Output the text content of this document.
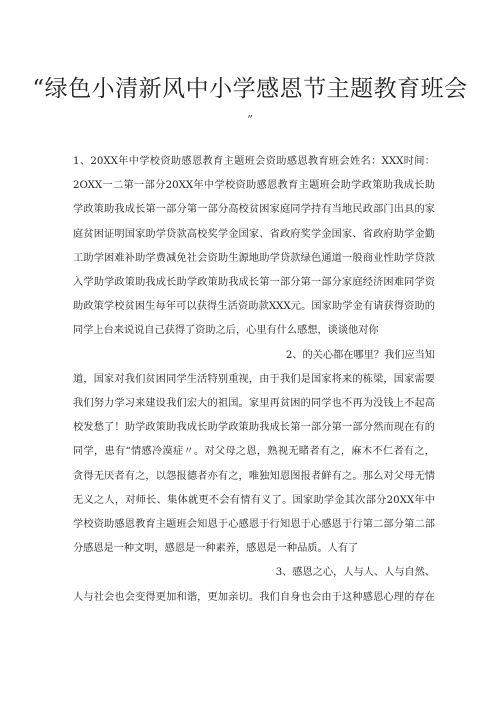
“绿色小清新风中小学感恩节主题教育班会
”
1、20XX年中学校资助感恩教育主题班会资助感恩教育班会姓名：XXX时间：
2OXX一二第一部分20XX年中学校资助感恩教育主题班会助学政策助我成长助
学政策助我成长第一部分第一部分高校贫困家庭同学持有当地民政部门出具的家
庭贫困证明国家助学贷款高校奖学金国家、省政府奖学金国家、省政府助学金勤
工助学困难补助学费减免社会资助生源地助学贷款绿色通道一般商业性助学贷款
入学助学政策助我成长助学政策助我成长第一部分第一部分家庭经济困难同学资
助政策学校贫困生每年可以获得生活资助款XXX元。国家助学金有请获得资助的
同学上台来说说自己获得了资助之后，心里有什么感想，谈谈他对你
2、的关心都在哪里？我们应当知
道，国家对我们贫困同学生活特别重视，由于我们是国家将来的栋梁，国家需要
我们努力学习来建设我们宏大的祖国。家里再贫困的同学也不再为没钱上不起高
校发愁了！助学政策助我成长助学政策助我成长第一部分第一部分然而现在有的
同学，患有“情感冷漠症〃。对父母之恩，熟视无睹者有之，麻木不仁者有之，
贪得无厌者有之，以怨报德者亦有之，唯独知恩图报者鲜有之。那么对父母无情
无义之人，对师长、集体就更不会有情有义了。国家助学金其次部分20XX年中
学校资助感恩教育主题班会知恩于心感恩于行知恩于心感恩于行第二部分第二部
分感恩是一种文明，感恩是一种素养，感恩是一种品质。人有了
3、感恩之心，人与人、人与自然、
人与社会也会变得更加和谐，更加亲切。我们自身也会由于这种感恩心理的存在
